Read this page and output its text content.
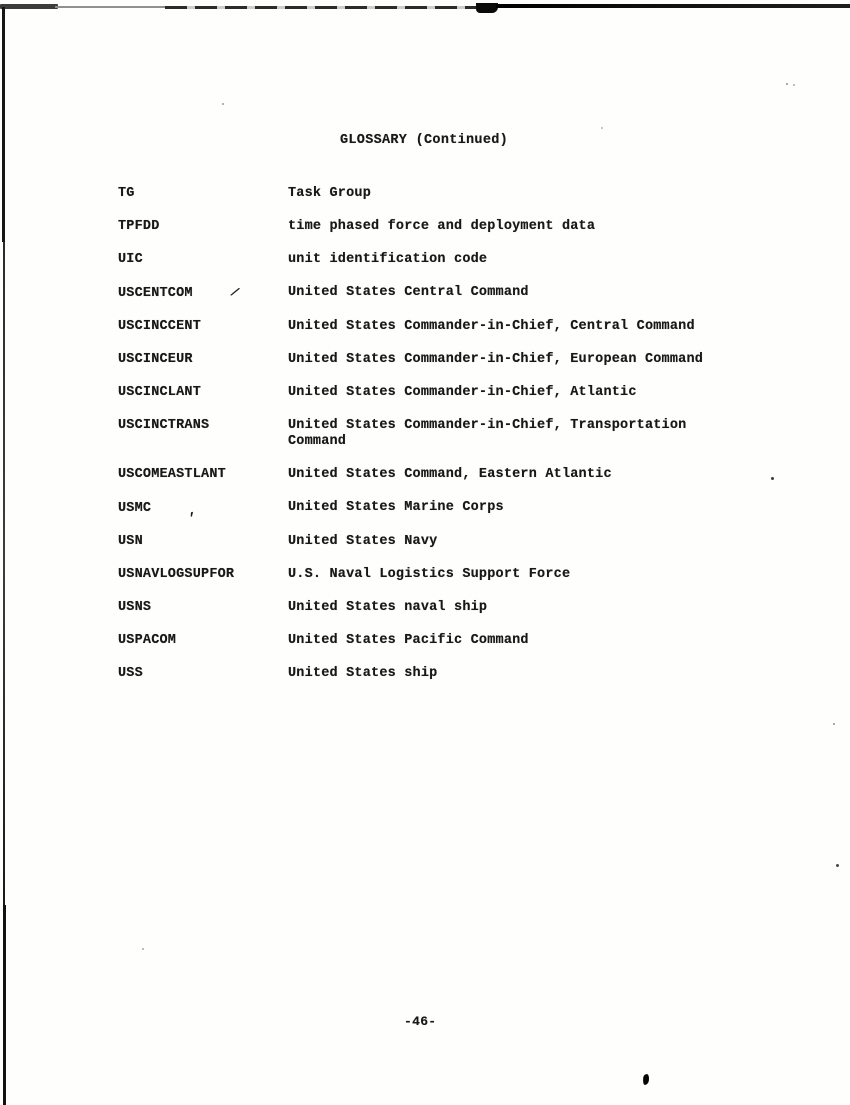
GLOSSARY (Continued)
TG	Task Group
TPFDD	time phased force and deployment data
UIC	unit identification code
USCENTCOM	/	United States Central Command
USCINCCENT	United States Commander-in-Chief, Central Command
USCINCEUR	United States Commander-in-Chief, European Command
USCINCLANT	United States Commander-in-Chief, Atlantic
USCINCTRANS	United States Commander-in-Chief, Transportation Command
USCOMEASTLANT	United States Command, Eastern Atlantic
USMC	,	United States Marine Corps
USN	United States Navy
USNAVLOGSUPFOR	U.S. Naval Logistics Support Force
USNS	United States naval ship
USPACOM	United States Pacific Command
USS	United States ship
-46-
